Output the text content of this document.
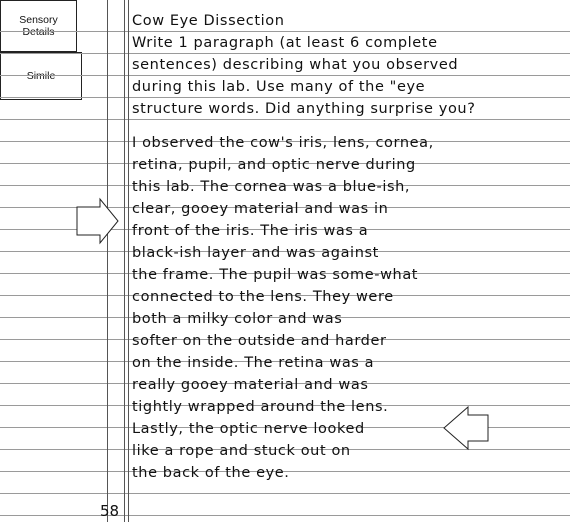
Cow Eye Dissection
Write 1 paragraph (at least 6 complete
sentences) describing what you observed
during this lab. Use many of the "eye
structure words. Did anything surprise you?
I observed the cow's iris, lens, cornea,
retina, pupil, and optic nerve during
this lab. The cornea was a blue-ish,
clear, gooey material and was in
front of the iris. The iris was a
black-ish layer and was against
the frame. The pupil was some-what
connected to the lens. They were
both a milky color and was
softer on the outside and harder
on the inside. The retina was a
really gooey material and was
tightly wrapped around the lens.
Lastly, the optic nerve looked
like a rope and stuck out on
the back of the eye.
58
Sensory
Details
Simile
